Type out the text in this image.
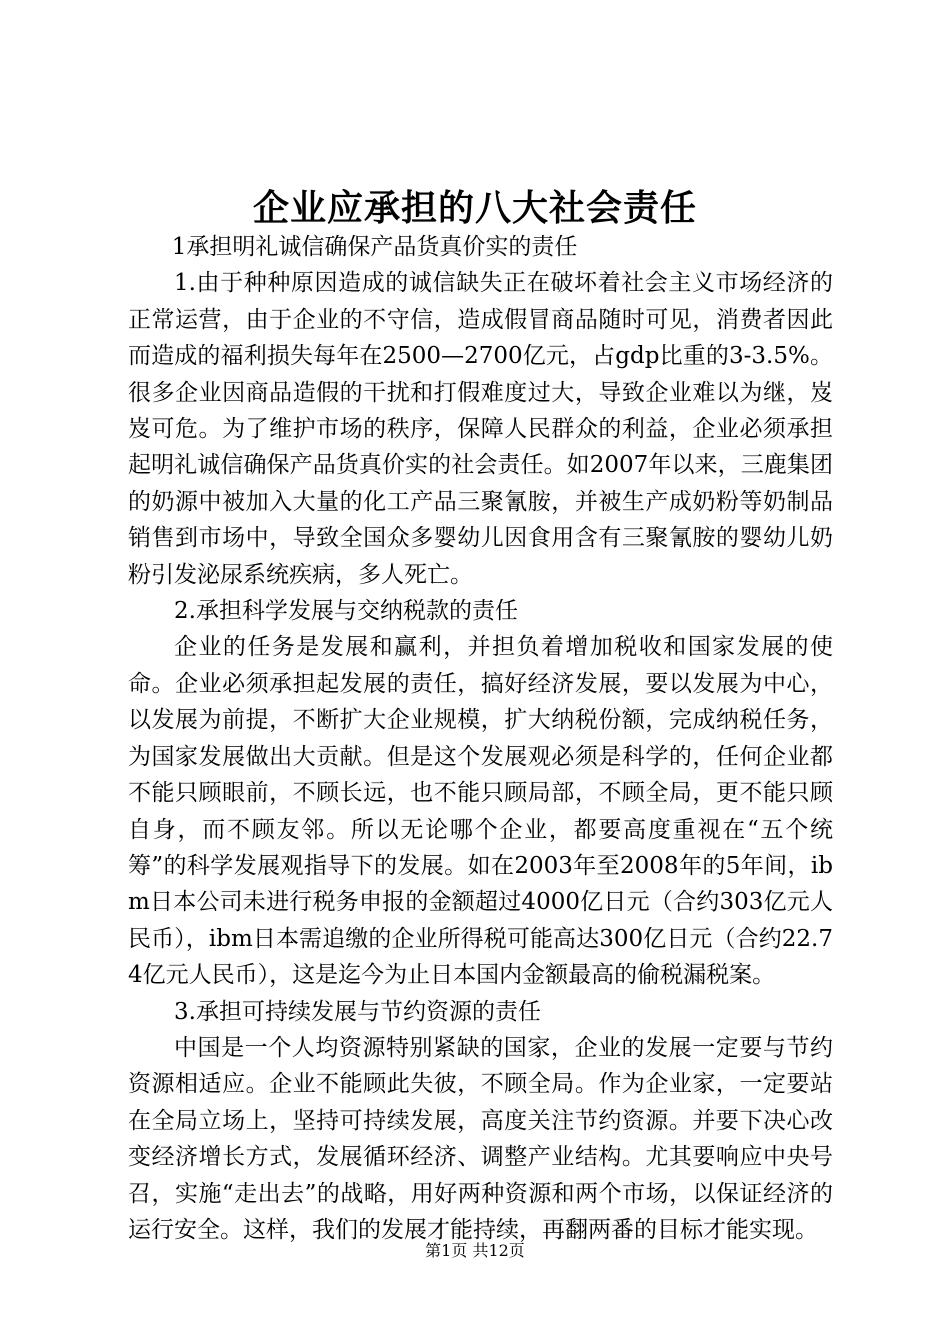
企业应承担的八大社会责任

1承担明礼诚信确保产品货真价实的责任

1.由于种种原因造成的诚信缺失正在破坏着社会主义市场经济的正常运营，由于企业的不守信，造成假冒商品随时可见，消费者因此而造成的福利损失每年在2500—2700亿元，占gdp比重的3-3.5%。很多企业因商品造假的干扰和打假难度过大，导致企业难以为继，岌岌可危。为了维护市场的秩序，保障人民群众的利益，企业必须承担起明礼诚信确保产品货真价实的社会责任。如2007年以来，三鹿集团的奶源中被加入大量的化工产品三聚氰胺，并被生产成奶粉等奶制品销售到市场中，导致全国众多婴幼儿因食用含有三聚氰胺的婴幼儿奶粉引发泌尿系统疾病，多人死亡。

2.承担科学发展与交纳税款的责任

企业的任务是发展和赢利，并担负着增加税收和国家发展的使命。企业必须承担起发展的责任，搞好经济发展，要以发展为中心，以发展为前提，不断扩大企业规模，扩大纳税份额，完成纳税任务，为国家发展做出大贡献。但是这个发展观必须是科学的，任何企业都不能只顾眼前，不顾长远，也不能只顾局部，不顾全局，更不能只顾自身，而不顾友邻。所以无论哪个企业，都要高度重视在“五个统筹”的科学发展观指导下的发展。如在2003年至2008年的5年间，ibm日本公司未进行税务申报的金额超过4000亿日元（合约303亿元人民币），ibm日本需追缴的企业所得税可能高达300亿日元（合约22.74亿元人民币），这是迄今为止日本国内金额最高的偷税漏税案。

3.承担可持续发展与节约资源的责任

中国是一个人均资源特别紧缺的国家，企业的发展一定要与节约资源相适应。企业不能顾此失彼，不顾全局。作为企业家，一定要站在全局立场上，坚持可持续发展，高度关注节约资源。并要下决心改变经济增长方式，发展循环经济、调整产业结构。尤其要响应中央号召，实施“走出去”的战略，用好两种资源和两个市场，以保证经济的运行安全。这样，我们的发展才能持续，再翻两番的目标才能实现。

第1页 共12页
